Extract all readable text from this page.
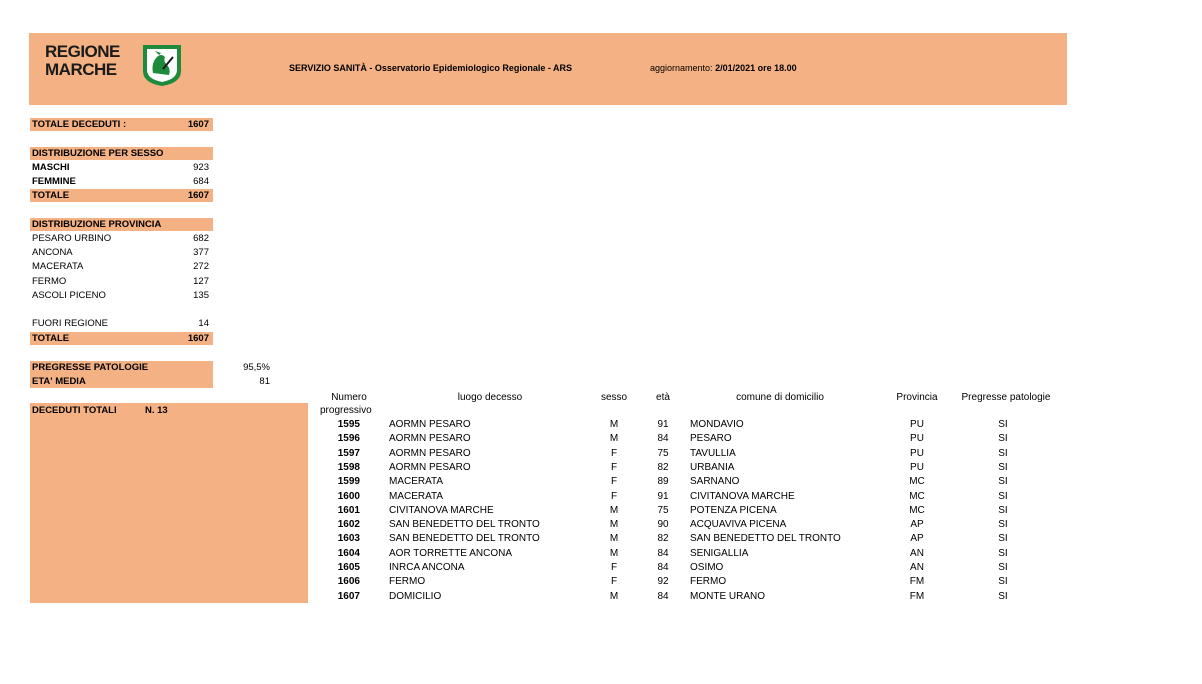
REGIONE
MARCHE	SERVIZIO SANITÀ - Osservatorio Epidemiologico Regionale - ARS	aggiornamento: 2/01/2021 ore 18.00
TOTALE DECEDUTI :	1607
DISTRIBUZIONE PER SESSO
MASCHI	923
FEMMINE	684
TOTALE	1607
DISTRIBUZIONE PROVINCIA
PESARO URBINO	682
ANCONA	377
MACERATA	272
FERMO	127
ASCOLI PICENO	135
FUORI REGIONE	14
TOTALE	1607
PREGRESSE PATOLOGIE	95,5%
ETA' MEDIA	81
DECEDUTI TOTALI	N. 13
Numero
progressivo
luogo decesso	sesso	età	comune di domicilio	Provincia	Pregresse patologie
1595	AORMN PESARO	M	91	MONDAVIO	PU	SI
1596	AORMN PESARO	M	84	PESARO	PU	SI
1597	AORMN PESARO	F	75	TAVULLIA	PU	SI
1598	AORMN PESARO	F	82	URBANIA	PU	SI
1599	MACERATA	F	89	SARNANO	MC	SI
1600	MACERATA	F	91	CIVITANOVA MARCHE	MC	SI
1601	CIVITANOVA MARCHE	M	75	POTENZA PICENA	MC	SI
1602	SAN BENEDETTO DEL TRONTO	M	90	ACQUAVIVA PICENA	AP	SI
1603	SAN BENEDETTO DEL TRONTO	M	82	SAN BENEDETTO DEL TRONTO	AP	SI
1604	AOR TORRETTE ANCONA	M	84	SENIGALLIA	AN	SI
1605	INRCA ANCONA	F	84	OSIMO	AN	SI
1606	FERMO	F	92	FERMO	FM	SI
1607	DOMICILIO	M	84	MONTE URANO	FM	SI
